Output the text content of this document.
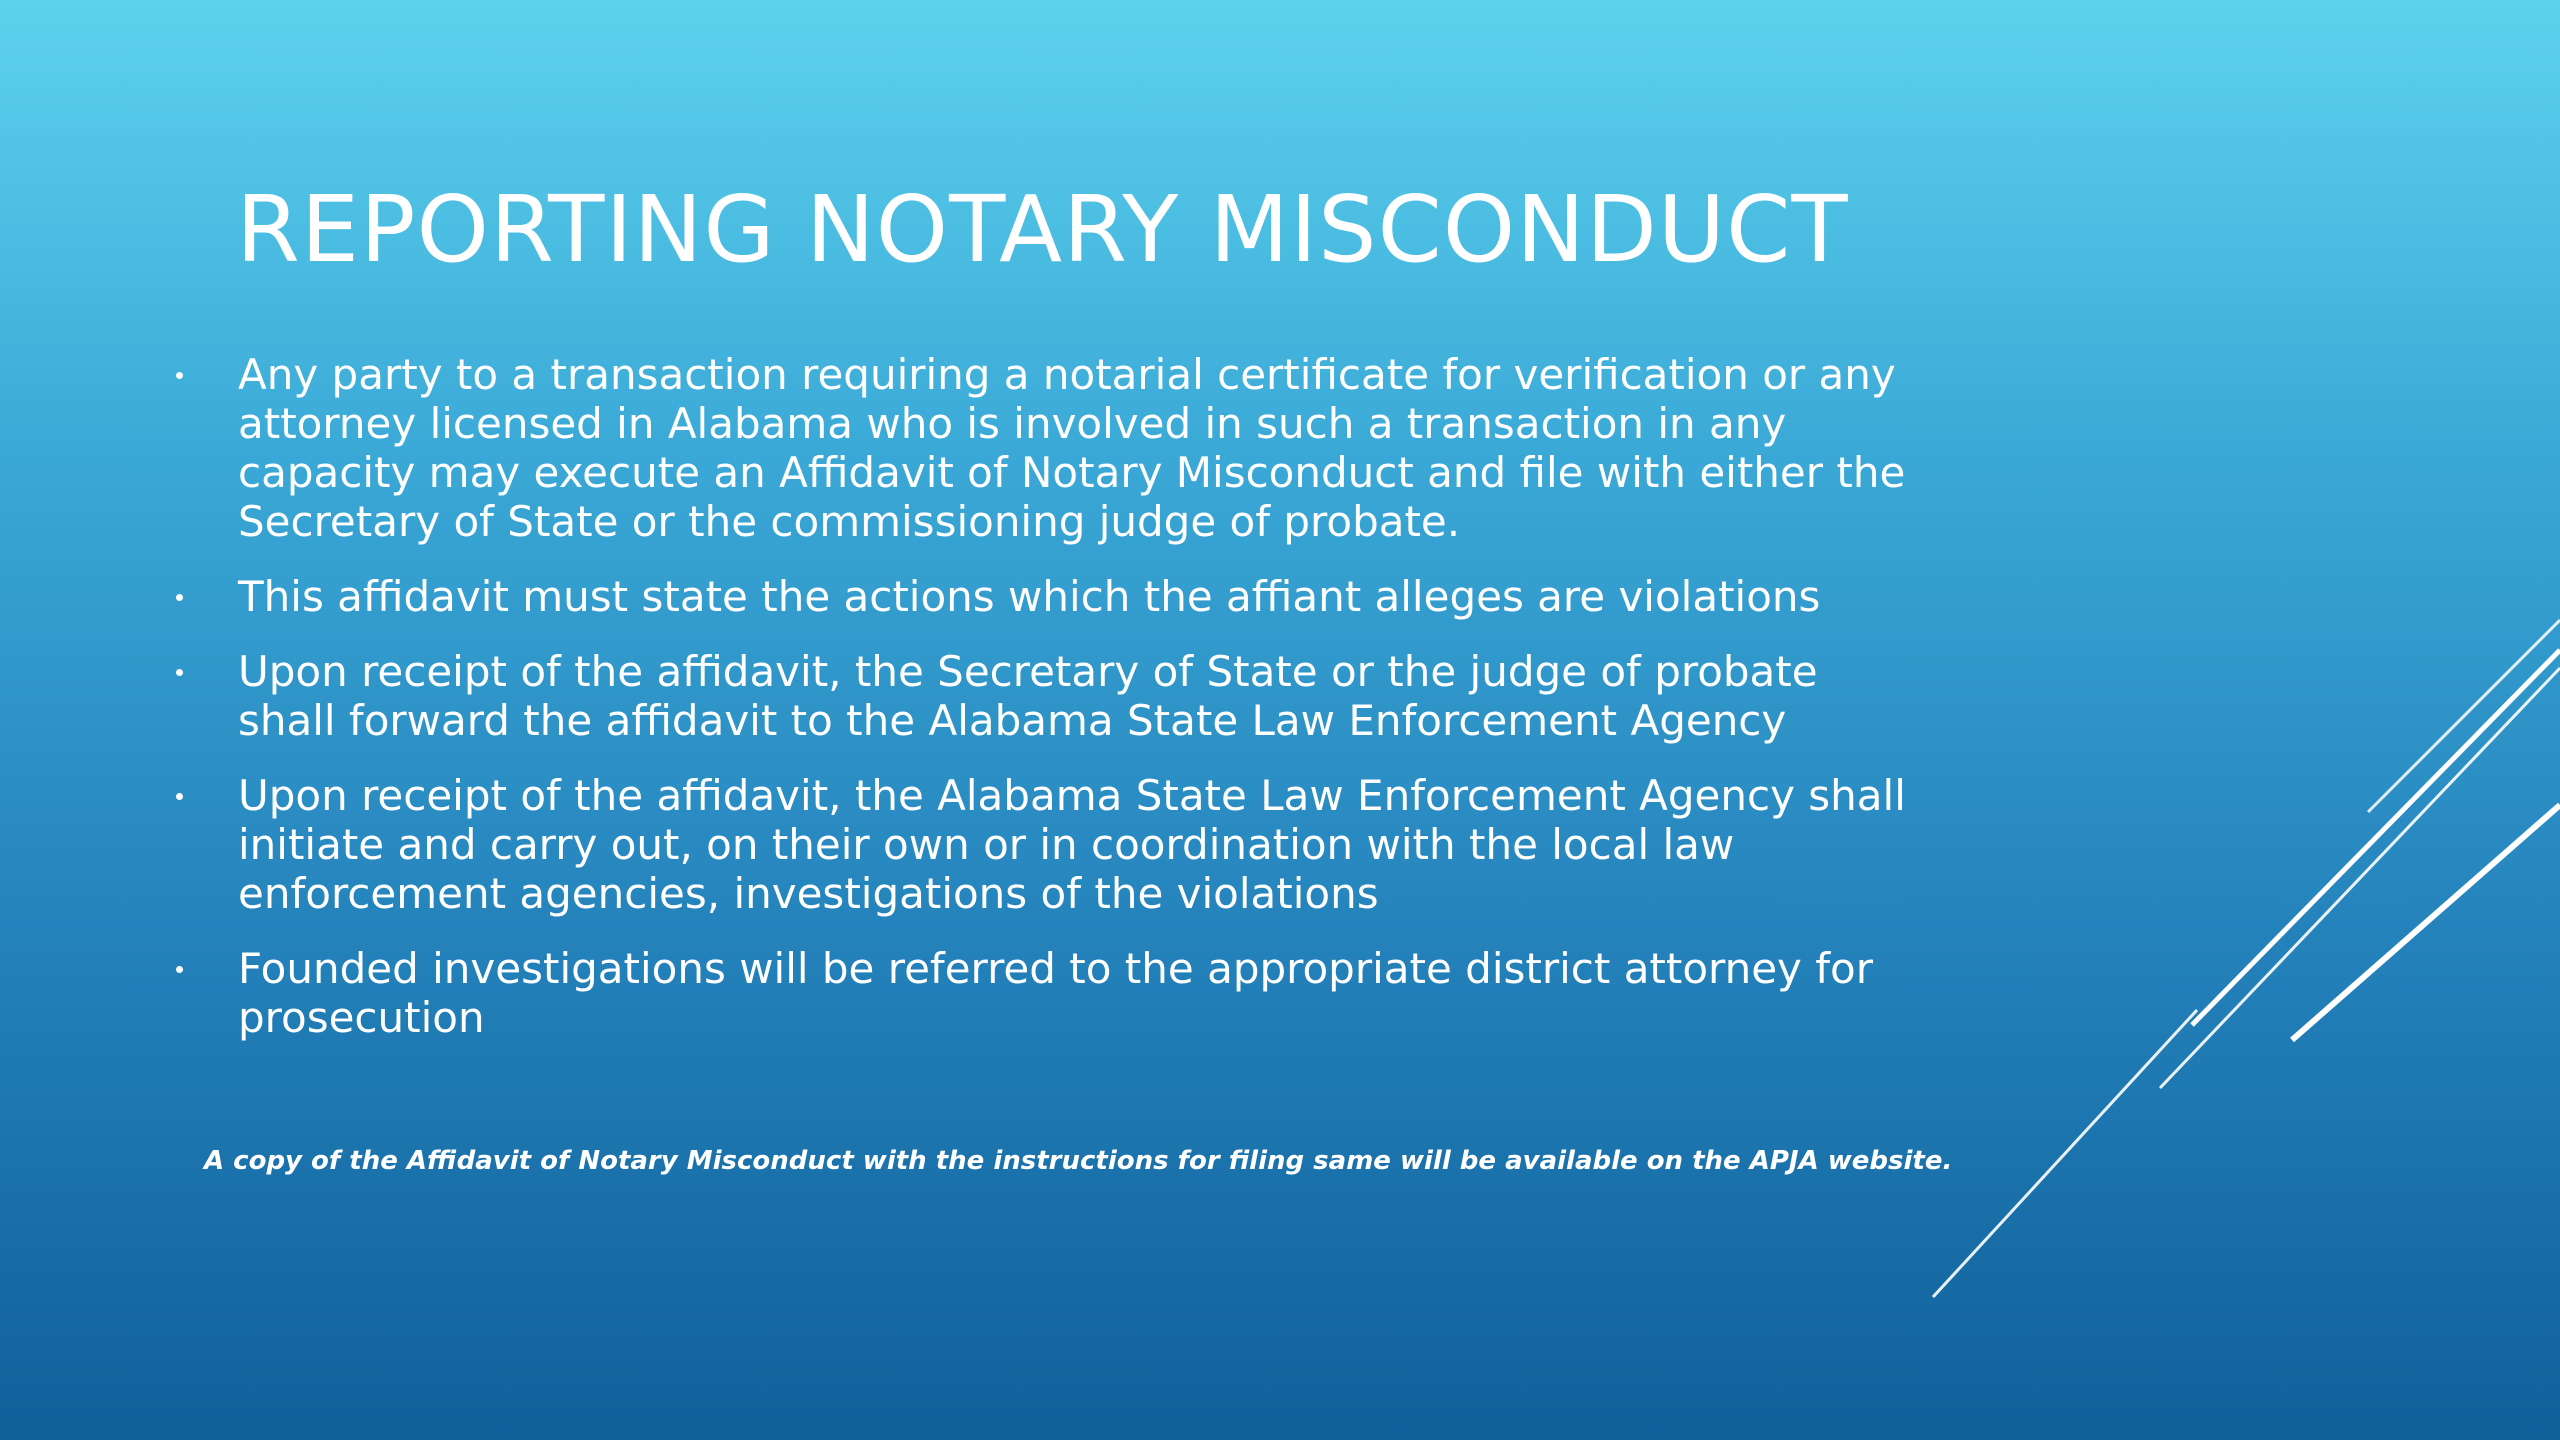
REPORTING NOTARY MISCONDUCT
Any party to a transaction requiring a notarial certificate for verification or any attorney licensed in Alabama who is involved in such a transaction in any capacity may execute an Affidavit of Notary Misconduct and file with either the Secretary of State or the commissioning judge of probate.
This affidavit must state the actions which the affiant alleges are violations
Upon receipt of the affidavit, the Secretary of State or the judge of probate shall forward the affidavit to the Alabama State Law Enforcement Agency
Upon receipt of the affidavit, the Alabama State Law Enforcement Agency shall initiate and carry out, on their own or in coordination with the local law enforcement agencies, investigations of the violations
Founded investigations will be referred to the appropriate district attorney for prosecution

A copy of the Affidavit of Notary Misconduct with the instructions for filing same will be available on the APJA website.
